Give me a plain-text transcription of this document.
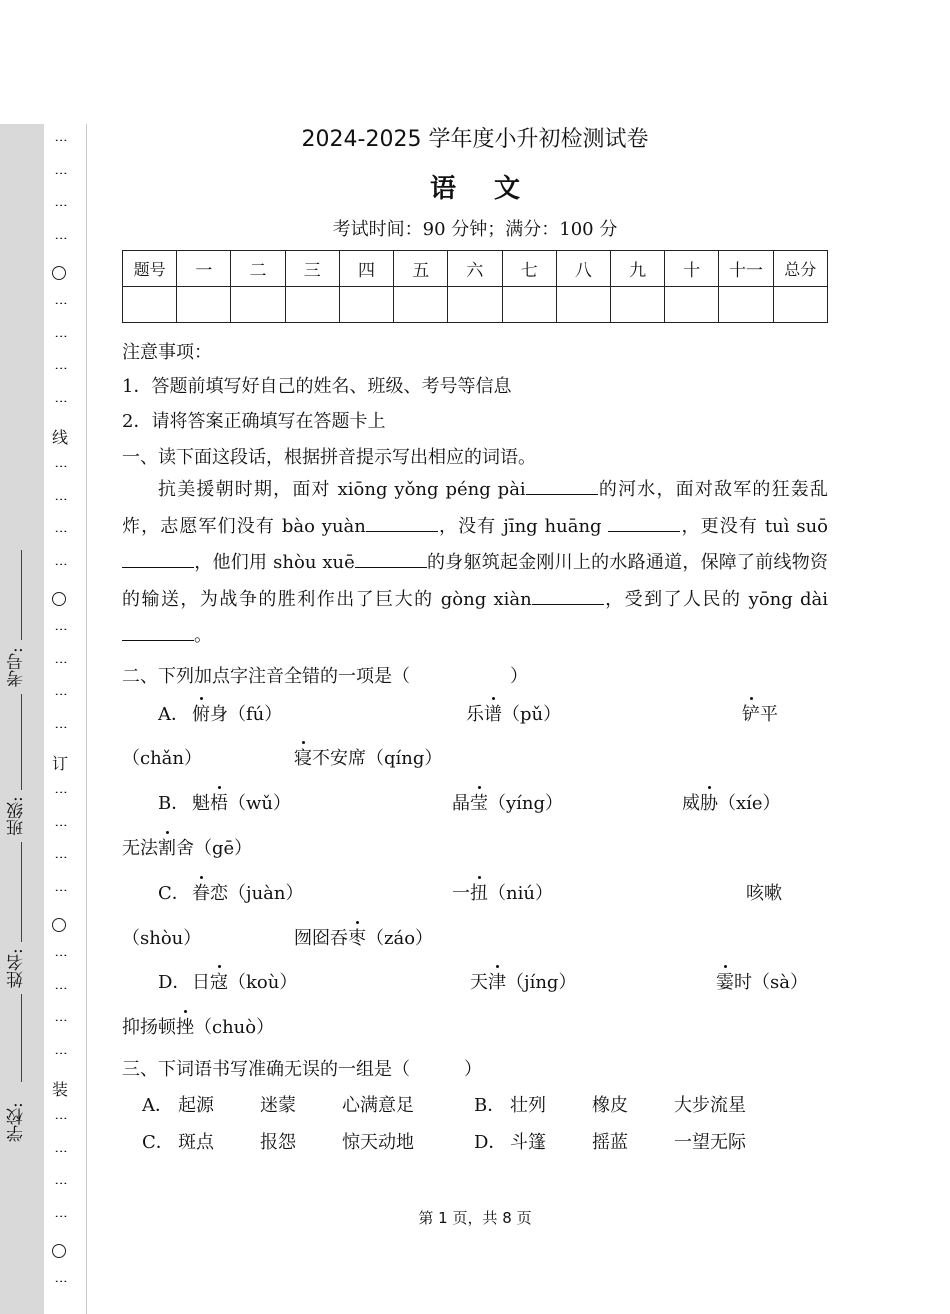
学校:
姓名:
班级:
考号:
⋮
⋮
⋮
⋮
⋮
⋮
⋮
⋮
线
⋮
⋮
⋮
⋮
⋮
⋮
⋮
⋮
订
⋮
⋮
⋮
⋮
⋮
⋮
⋮
⋮
装
⋮
⋮
⋮
⋮
⋮
2024-2025 学年度小升初检测试卷
语文
考试时间：90 分钟；满分：100 分
题号	一	二	三	四	五	六	七	八	九	十	十一	总分

注意事项：
1．答题前填写好自己的姓名、班级、考号等信息
2．请将答案正确填写在答题卡上
一、读下面这段话，根据拼音提示写出相应的词语。
抗美援朝时期，面对 xiōng yǒng péng pài	的河水，面对敌军的狂轰乱炸，志愿军们没有 bào yuàn	，没有 jīng huāng	，更没有 tuì suō ，他们用 shòu xuē	的身躯筑起金刚川上的水路通道，保障了前线物资的输送，为战争的胜利作出了巨大的 gòng xiàn	，受到了人民的 yōng dài。
二、下列加点字注音全错的一项是（	）
A． 俯身（fú）	乐谱（pǔ）	铲平
（chǎn）	寝不安席（qíng）
B． 魁梧（wǔ）	晶莹（yíng）	威胁（xíe）
无法割舍（gē）
C． 眷恋（juàn）	一扭（niú）	咳嗽
（shòu）	囫囵吞枣（záo）
D． 日寇（koù）	天津（jíng）	霎时（sà）
抑扬顿挫（chuò）
三、下词语书写准确无误的一组是（	）
A． 起源	迷蒙	心满意足	B． 壮列	橡皮	大步流星
C． 斑点	报怨	惊天动地	D． 斗篷	摇蓝	一望无际
第 1 页，共 8 页
